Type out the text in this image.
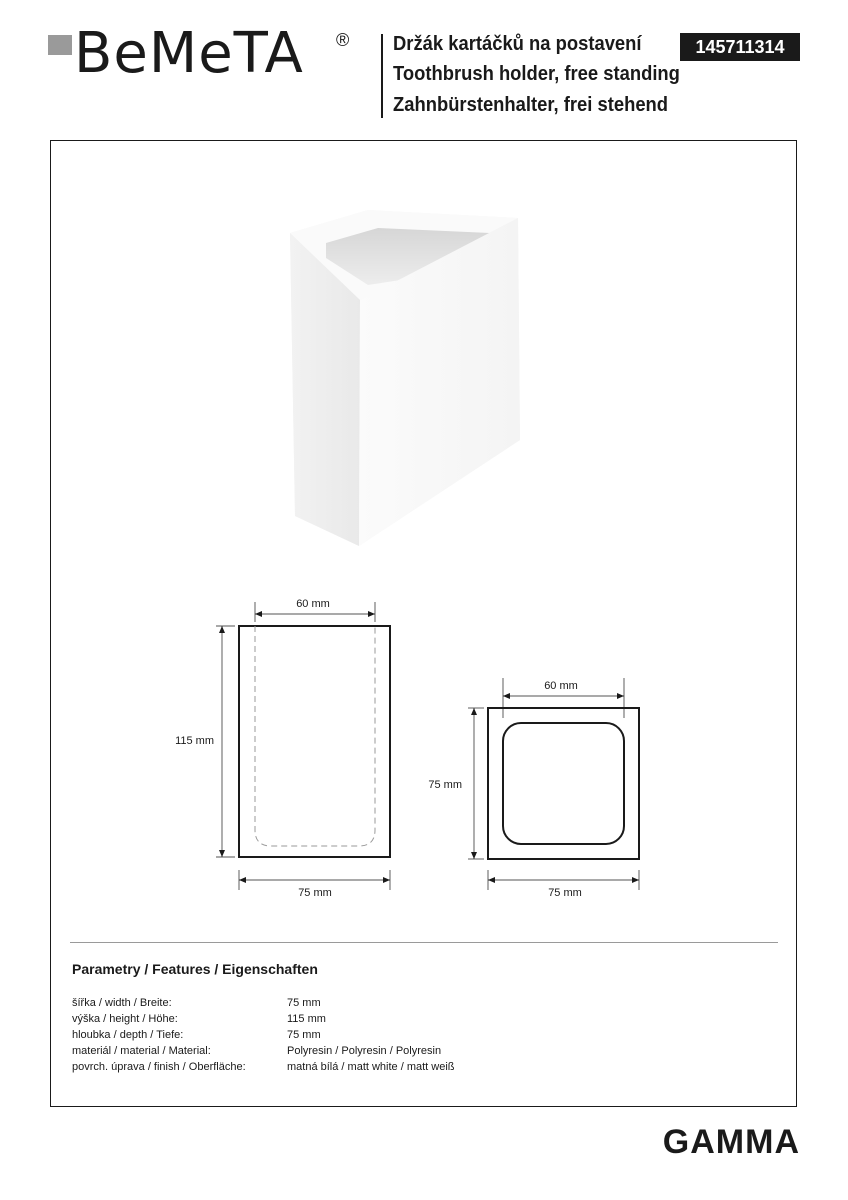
BeMeTA ® Držák kartáčků na postavení
Toothbrush holder, free standing
Zahnbürstenhalter, frei stehend
145711314
60 mm
115 mm
75 mm
60 mm
75 mm
75 mm
Parametry / Features / Eigenschaften
šířka / width / Breite:	75 mm
výška / height / Höhe:	115 mm
hloubka / depth / Tiefe:	75 mm
materiál / material / Material:	Polyresin / Polyresin / Polyresin
povrch. úprava / finish / Oberfläche:	matná bílá / matt white / matt weiß
GAMMA
